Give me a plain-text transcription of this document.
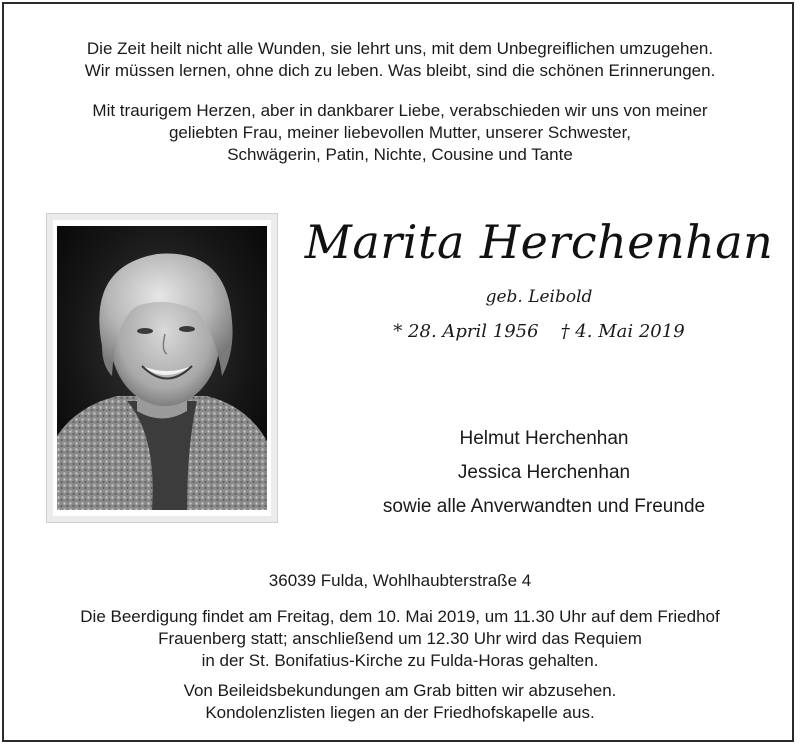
Die Zeit heilt nicht alle Wunden, sie lehrt uns, mit dem Unbegreiflichen umzugehen.
Wir müssen lernen, ohne dich zu leben. Was bleibt, sind die schönen Erinnerungen.
Mit traurigem Herzen, aber in dankbarer Liebe, verabschieden wir uns von meiner
geliebten Frau, meiner liebevollen Mutter, unserer Schwester,
Schwägerin, Patin, Nichte, Cousine und Tante
Marita Herchenhan
geb. Leibold
* 28. April 1956 † 4. Mai 2019
Helmut Herchenhan
Jessica Herchenhan
sowie alle Anverwandten und Freunde
36039 Fulda, Wohlhaubterstraße 4
Die Beerdigung findet am Freitag, dem 10. Mai 2019, um 11.30 Uhr auf dem Friedhof
Frauenberg statt; anschließend um 12.30 Uhr wird das Requiem
in der St. Bonifatius-Kirche zu Fulda-Horas gehalten.
Von Beileidsbekundungen am Grab bitten wir abzusehen.
Kondolenzlisten liegen an der Friedhofskapelle aus.
